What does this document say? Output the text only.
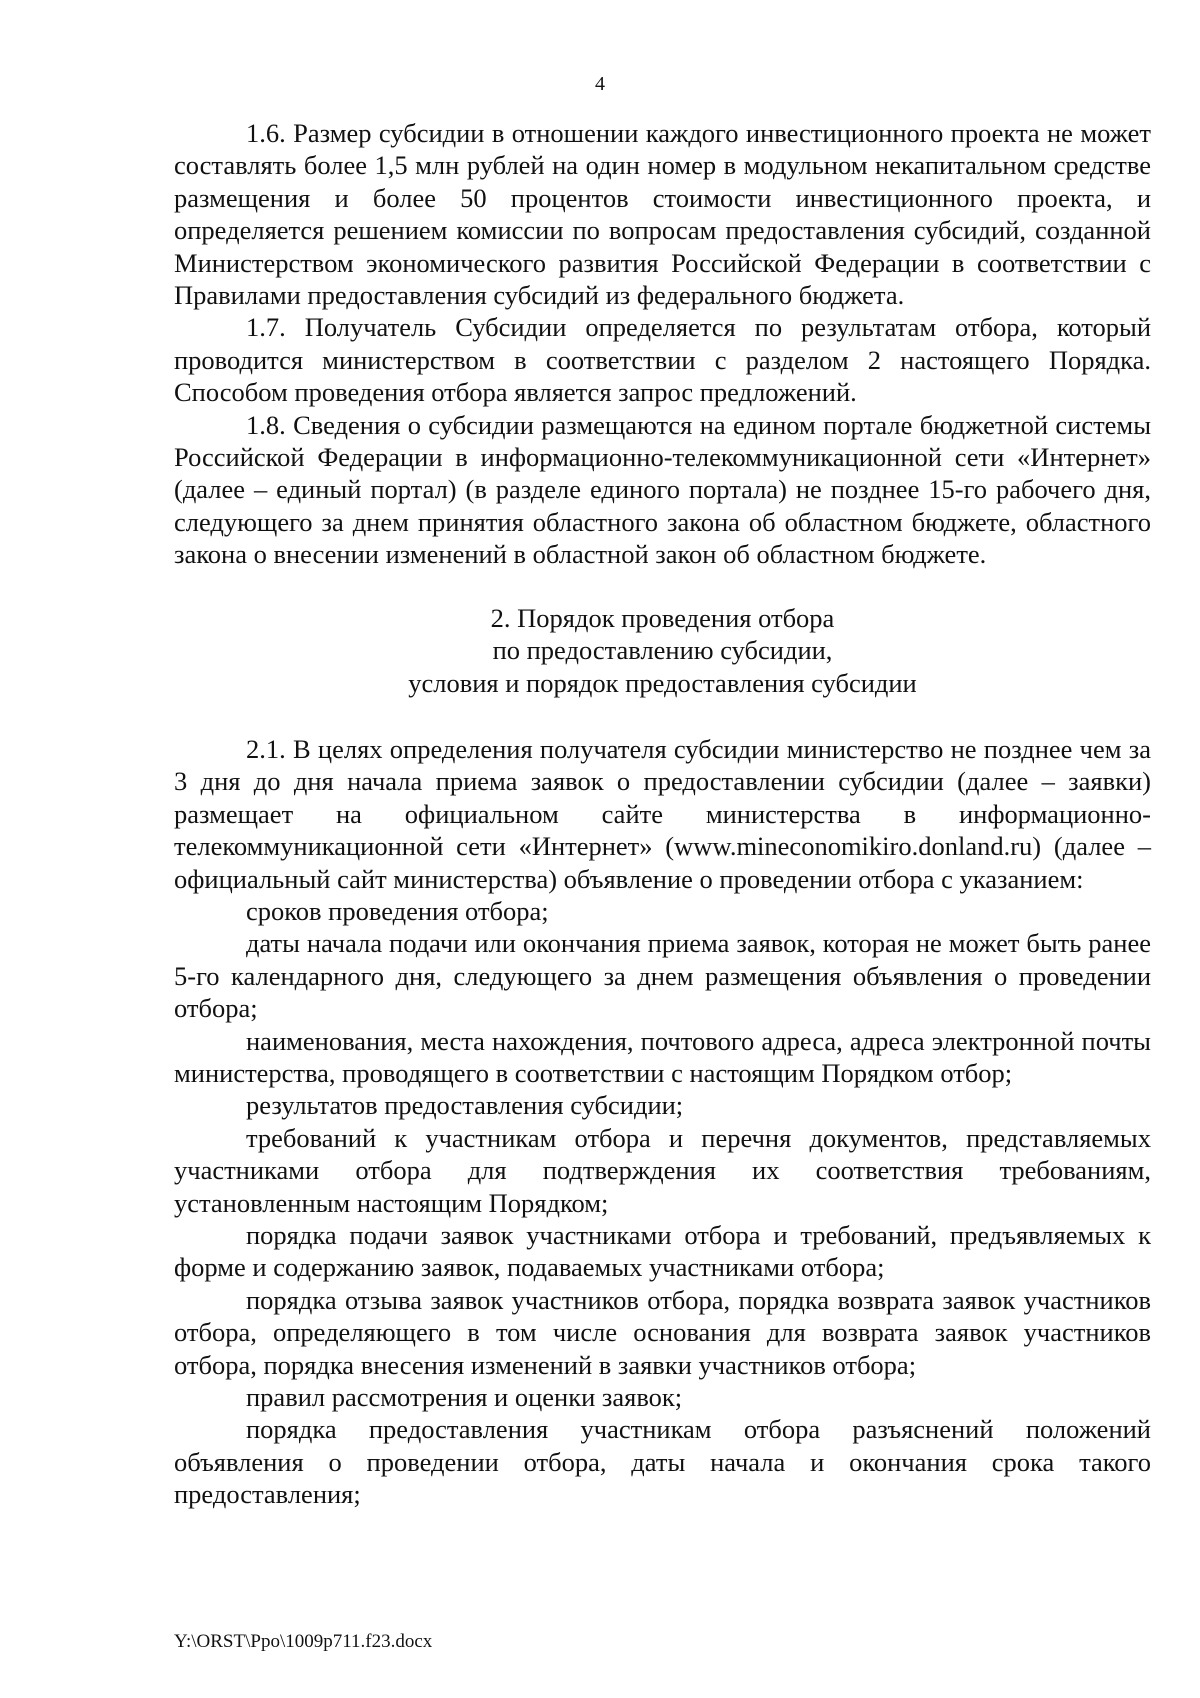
4

1.6. Размер субсидии в отношении каждого инвестиционного проекта не может составлять более 1,5 млн рублей на один номер в модульном некапитальном средстве размещения и более 50 процентов стоимости инвестиционного проекта, и определяется решением комиссии по вопросам предоставления субсидий, созданной Министерством экономического развития Российской Федерации в соответствии с Правилами предоставления субсидий из федерального бюджета.

1.7. Получатель Субсидии определяется по результатам отбора, который проводится министерством в соответствии с разделом 2 настоящего Порядка. Способом проведения отбора является запрос предложений.

1.8. Сведения о субсидии размещаются на едином портале бюджетной системы Российской Федерации в информационно-телекоммуникационной сети «Интернет» (далее – единый портал) (в разделе единого портала) не позднее 15-го рабочего дня, следующего за днем принятия областного закона об областном бюджете, областного закона о внесении изменений в областной закон об областном бюджете.

2. Порядок проведения отбора
по предоставлению субсидии,
условия и порядок предоставления субсидии

2.1. В целях определения получателя субсидии министерство не позднее чем за 3 дня до дня начала приема заявок о предоставлении субсидии (далее – заявки) размещает на официальном сайте министерства в информационно-телекоммуникационной сети «Интернет» (www.mineconomikiro.donland.ru) (далее – официальный сайт министерства) объявление о проведении отбора с указанием:

сроков проведения отбора;

даты начала подачи или окончания приема заявок, которая не может быть ранее 5-го календарного дня, следующего за днем размещения объявления о проведении отбора;

наименования, места нахождения, почтового адреса, адреса электронной почты министерства, проводящего в соответствии с настоящим Порядком отбор;

результатов предоставления субсидии;

требований к участникам отбора и перечня документов, представляемых участниками отбора для подтверждения их соответствия требованиям, установленным настоящим Порядком;

порядка подачи заявок участниками отбора и требований, предъявляемых к форме и содержанию заявок, подаваемых участниками отбора;

порядка отзыва заявок участников отбора, порядка возврата заявок участников отбора, определяющего в том числе основания для возврата заявок участников отбора, порядка внесения изменений в заявки участников отбора;

правил рассмотрения и оценки заявок;

порядка предоставления участникам отбора разъяснений положений объявления о проведении отбора, даты начала и окончания срока такого предоставления;

Y:\ORST\Ppo\1009p711.f23.docx
